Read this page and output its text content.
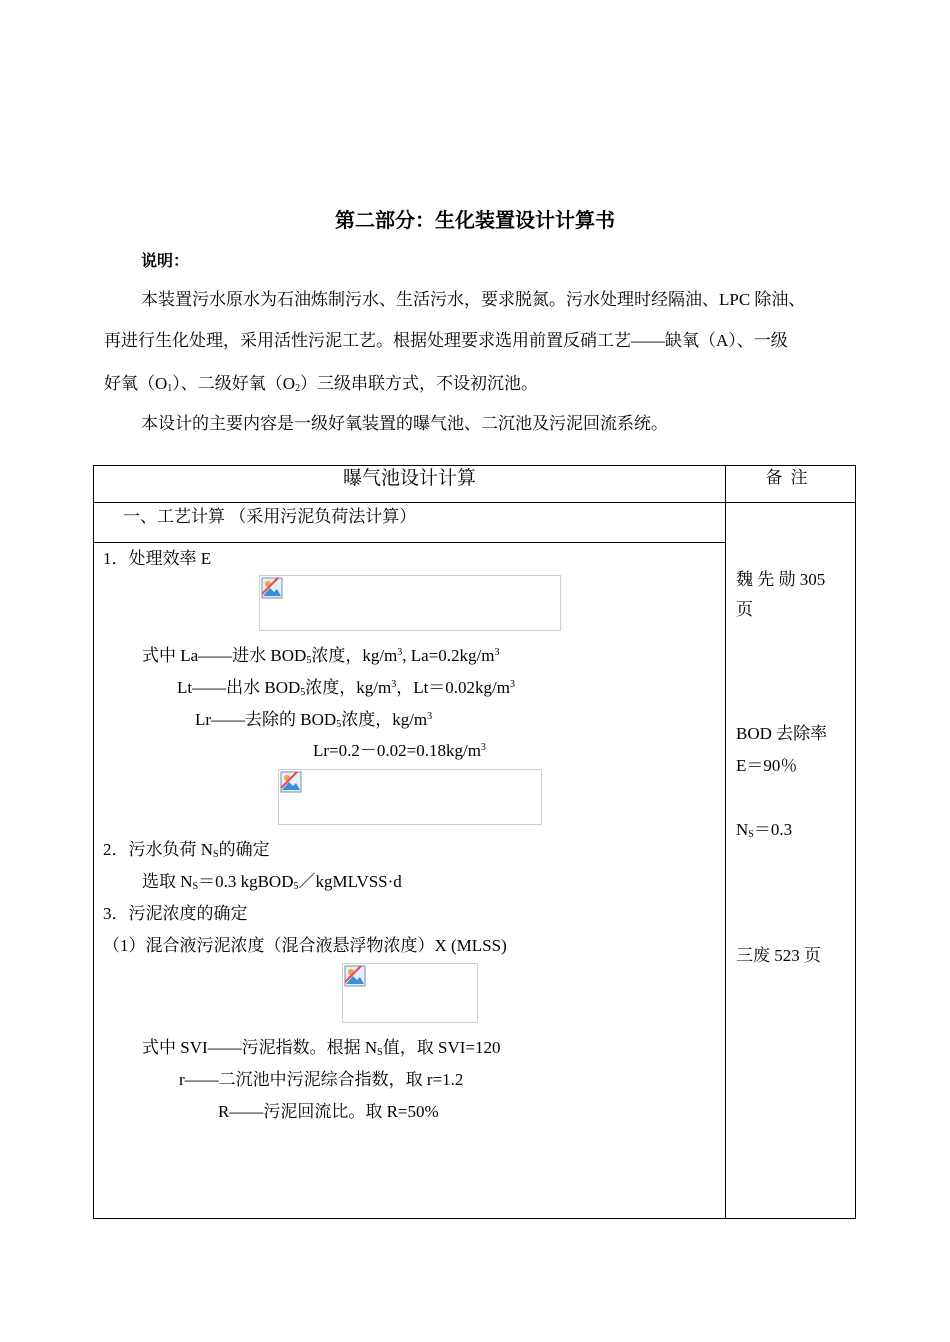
第二部分：生化装置设计计算书
说明：
本装置污水原水为石油炼制污水、生活污水，要求脱氮。污水处理时经隔油、LPC 除油、
再进行生化处理，采用活性污泥工艺。根据处理要求选用前置反硝工艺——缺氧（A）、一级
好氧$(O_1)$、二级好氧$(O_2)$三级串联方式，不设初沉池。
本设计的主要内容是一级好氧装置的曝气池、二沉池及污泥回流系统。
曝气池设计计算	备注
一、工艺计算 （采用污泥负荷法计算）
1．处理效率 E
式中 La——进水 $BOD_5$浓度，$kg/m^3$, $La=0.2kg/m^3$
Lt——出水 $BOD_5$浓度，$kg/m^3$，$Lt=0.02kg/m^3$
Lr——去除的 $BOD_5$浓度，$kg/m^3$
$Lr=0.2-0.02=0.18kg/m^3$
2．污水负荷 $N_S$的确定
选取 $N_S=0.3$ kgBOD$_5$／kgMLVSS·d
3．污泥浓度的确定
（1）混合液污泥浓度（混合液悬浮物浓度）X (MLSS)
式中 SVI——污泥指数。根据 $N_S$值，取 SVI=120
r——二沉池中污泥综合指数，取 r=1.2
R——污泥回流比。取 R=50%
魏 先 勋 305
页
BOD 去除率
E＝90％
$N_S=0.3$
三废 523 页
